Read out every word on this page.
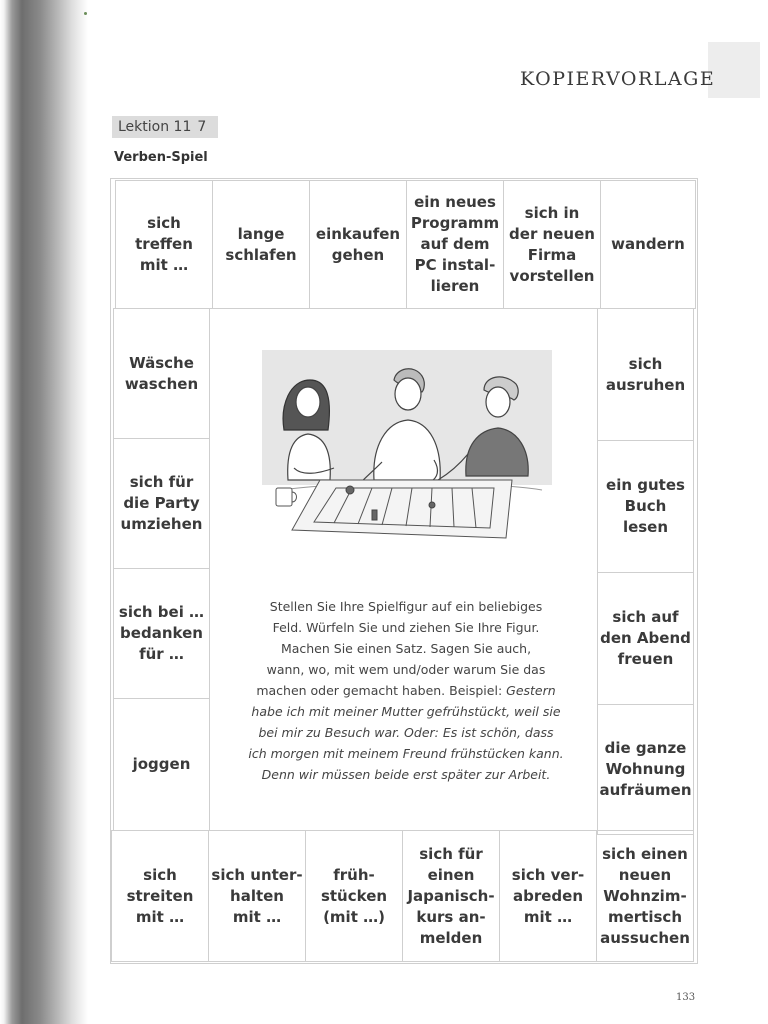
KOPIERVORLAGE
Lektion 11 7
Verben-Spiel
sich
treffen
mit …
lange
schlafen
einkaufen
gehen
ein neues
Programm
auf dem
PC instal-
lieren
sich in
der neuen
Firma
vorstellen
wandern
Wäsche
waschen
sich für
die Party
umziehen
sich bei …
bedanken
für …
joggen
sich
ausruhen
ein gutes
Buch
lesen
sich auf
den Abend
freuen
die ganze
Wohnung
aufräumen
sich
streiten
mit …
sich unter-
halten
mit …
früh-
stücken
(mit …)
sich für
einen
Japanisch-
kurs an-
melden
sich ver-
abreden
mit …
sich einen
neuen
Wohnzim-
mertisch
aussuchen
Stellen Sie Ihre Spielfigur auf ein beliebiges
Feld. Würfeln Sie und ziehen Sie Ihre Figur.
Machen Sie einen Satz. Sagen Sie auch,
wann, wo, mit wem und/oder warum Sie das
machen oder gemacht haben. Beispiel: Gestern
habe ich mit meiner Mutter gefrühstückt, weil sie
bei mir zu Besuch war. Oder: Es ist schön, dass
ich morgen mit meinem Freund frühstücken kann.
Denn wir müssen beide erst später zur Arbeit.
133
